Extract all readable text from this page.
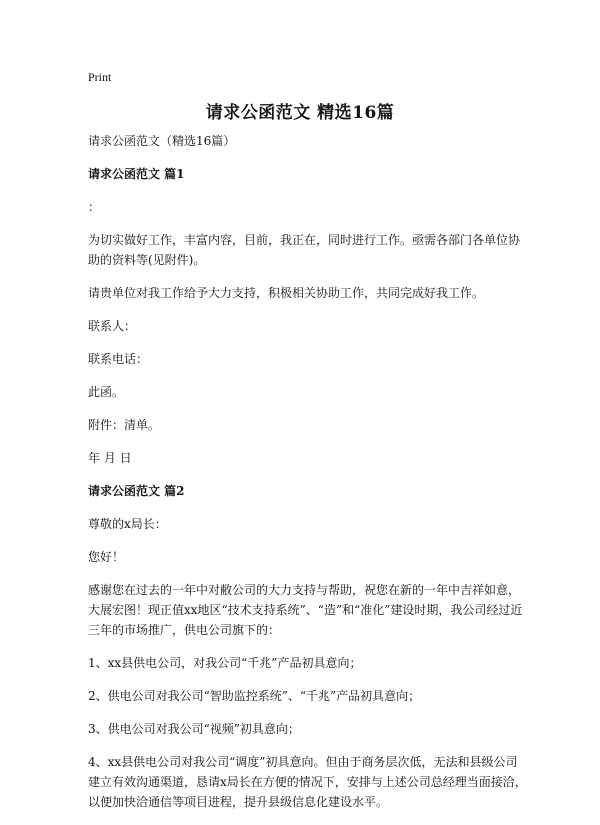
Print
请求公函范文 精选16篇

请求公函范文（精选16篇）

请求公函范文 篇1

：

为切实做好工作，丰富内容，目前，我正在，同时进行工作。亟需各部门各单位协助的资料等(见附件)。

请贵单位对我工作给予大力支持，积极相关协助工作，共同完成好我工作。

联系人：

联系电话：

此函。

附件：清单。

年 月 日

请求公函范文 篇2

尊敬的x局长：

您好！

感谢您在过去的一年中对敝公司的大力支持与帮助，祝您在新的一年中吉祥如意，大展宏图！现正值xx地区“技术支持系统”、“造”和“准化”建设时期，我公司经过近三年的市场推广，供电公司旗下的：

1、xx县供电公司，对我公司“千兆”产品初具意向；

2、供电公司对我公司“智助监控系统”、“千兆”产品初具意向；

3、供电公司对我公司“视频”初具意向；

4、xx县供电公司对我公司“调度”初具意向。但由于商务层次低，无法和县级公司建立有效沟通渠道，恳请x局长在方便的情况下，安排与上述公司总经理当面接洽，以便加快洽通信等项目进程，提升县级信息化建设水平。
